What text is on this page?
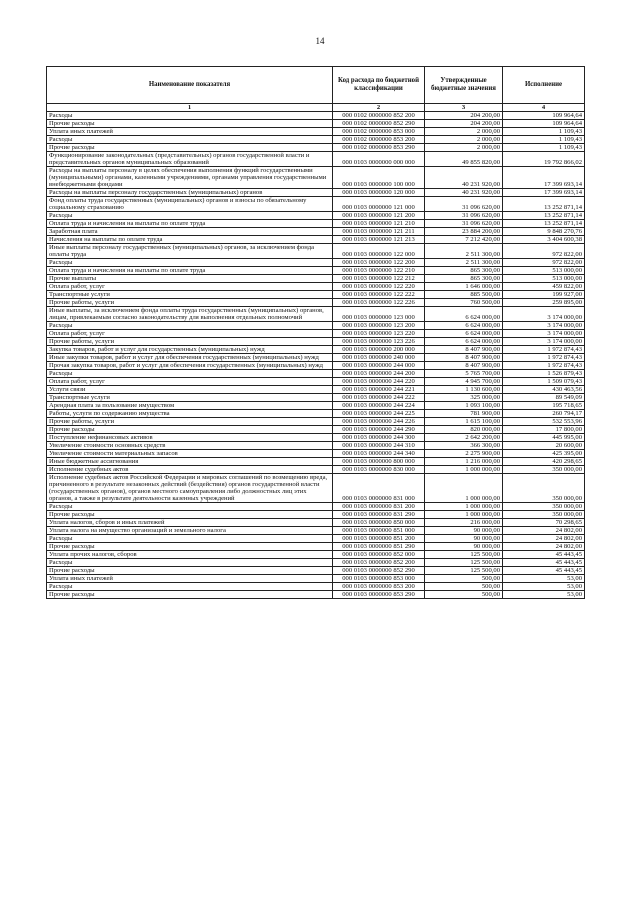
14
Наименование показателя	Код расхода по бюджетной классификации	Утвержденные бюджетные значения	Исполнение
1	2	3	4
Расходы	000 0102 0000000 852 200	204 200,00	109 964,64
Прочие расходы	000 0102 0000000 852 290	204 200,00	109 964,64
Уплата иных платежей	000 0102 0000000 853 000	2 000,00	1 109,43
Расходы	000 0102 0000000 853 200	2 000,00	1 109,43
Прочие расходы	000 0102 0000000 853 290	2 000,00	1 109,43
Функционирование законодательных (представительных) органов государственной власти и представительных органов муниципальных образований	000 0103 0000000 000 000	49 855 820,00	19 792 866,02
Расходы на выплаты персоналу в целях обеспечения выполнения функций государственными (муниципальными) органами, казенными учреждениями, органами управления государственными внебюджетными фондами	000 0103 0000000 100 000	40 231 920,00	17 399 693,14
Расходы на выплаты персоналу государственных (муниципальных) органов	000 0103 0000000 120 000	40 231 920,00	17 399 693,14
Фонд оплаты труда государственных (муниципальных) органов и взносы по обязательному социальному страхованию	000 0103 0000000 121 000	31 096 620,00	13 252 871,14
Расходы	000 0103 0000000 121 200	31 096 620,00	13 252 871,14
Оплата труда и начисления на выплаты по оплате труда	000 0103 0000000 121 210	31 096 620,00	13 252 871,14
Заработная плата	000 0103 0000000 121 211	23 884 200,00	9 848 270,76
Начисления на выплаты по оплате труда	000 0103 0000000 121 213	7 212 420,00	3 404 600,38
Иные выплаты персоналу государственных (муниципальных) органов, за исключением фонда оплаты труда	000 0103 0000000 122 000	2 511 300,00	972 822,00
Расходы	000 0103 0000000 122 200	2 511 300,00	972 822,00
Оплата труда и начисления на выплаты по оплате труда	000 0103 0000000 122 210	865 300,00	513 000,00
Прочие выплаты	000 0103 0000000 122 212	865 300,00	513 000,00
Оплата работ, услуг	000 0103 0000000 122 220	1 646 000,00	459 822,00
Транспортные услуги	000 0103 0000000 122 222	885 500,00	199 927,00
Прочие работы, услуги	000 0103 0000000 122 226	760 500,00	259 895,00
Иные выплаты, за исключением фонда оплаты труда государственных (муниципальных) органов, лицам, привлекаемым согласно законодательству для выполнения отдельных полномочий	000 0103 0000000 123 000	6 624 000,00	3 174 000,00
Расходы	000 0103 0000000 123 200	6 624 000,00	3 174 000,00
Оплата работ, услуг	000 0103 0000000 123 220	6 624 000,00	3 174 000,00
Прочие работы, услуги	000 0103 0000000 123 226	6 624 000,00	3 174 000,00
Закупка товаров, работ и услуг для государственных (муниципальных) нужд	000 0103 0000000 200 000	8 407 900,00	1 972 874,43
Иные закупки товаров, работ и услуг для обеспечения государственных (муниципальных) нужд	000 0103 0000000 240 000	8 407 900,00	1 972 874,43
Прочая закупка товаров, работ и услуг для обеспечения государственных (муниципальных) нужд	000 0103 0000000 244 000	8 407 900,00	1 972 874,43
Расходы	000 0103 0000000 244 200	5 765 700,00	1 526 879,43
Оплата работ, услуг	000 0103 0000000 244 220	4 945 700,00	1 509 079,43
Услуги связи	000 0103 0000000 244 221	1 130 600,00	430 463,56
Транспортные услуги	000 0103 0000000 244 222	325 000,00	89 549,09
Арендная плата за пользование имуществом	000 0103 0000000 244 224	1 093 100,00	195 718,65
Работы, услуги по содержанию имущества	000 0103 0000000 244 225	781 900,00	260 794,17
Прочие работы, услуги	000 0103 0000000 244 226	1 615 100,00	532 553,96
Прочие расходы	000 0103 0000000 244 290	820 000,00	17 800,00
Поступление нефинансовых активов	000 0103 0000000 244 300	2 642 200,00	445 995,00
Увеличение стоимости основных средств	000 0103 0000000 244 310	366 300,00	20 600,00
Увеличение стоимости материальных запасов	000 0103 0000000 244 340	2 275 900,00	425 395,00
Иные бюджетные ассигнования	000 0103 0000000 800 000	1 216 000,00	420 298,65
Исполнение судебных актов	000 0103 0000000 830 000	1 000 000,00	350 000,00
Исполнение судебных актов Российской Федерации и мировых соглашений по возмещению вреда, причиненного в результате незаконных действий (бездействия) органов государственной власти (государственных органов), органов местного самоуправления либо должностных лиц этих органов, а также в результате деятельности казенных учреждений	000 0103 0000000 831 000	1 000 000,00	350 000,00
Расходы	000 0103 0000000 831 200	1 000 000,00	350 000,00
Прочие расходы	000 0103 0000000 831 290	1 000 000,00	350 000,00
Уплата налогов, сборов и иных платежей	000 0103 0000000 850 000	216 000,00	70 298,65
Уплата налога на имущество организаций и земельного налога	000 0103 0000000 851 000	90 000,00	24 802,00
Расходы	000 0103 0000000 851 200	90 000,00	24 802,00
Прочие расходы	000 0103 0000000 851 290	90 000,00	24 802,00
Уплата прочих налогов, сборов	000 0103 0000000 852 000	125 500,00	45 443,45
Расходы	000 0103 0000000 852 200	125 500,00	45 443,45
Прочие расходы	000 0103 0000000 852 290	125 500,00	45 443,45
Уплата иных платежей	000 0103 0000000 853 000	500,00	53,00
Расходы	000 0103 0000000 853 200	500,00	53,00
Прочие расходы	000 0103 0000000 853 290	500,00	53,00
